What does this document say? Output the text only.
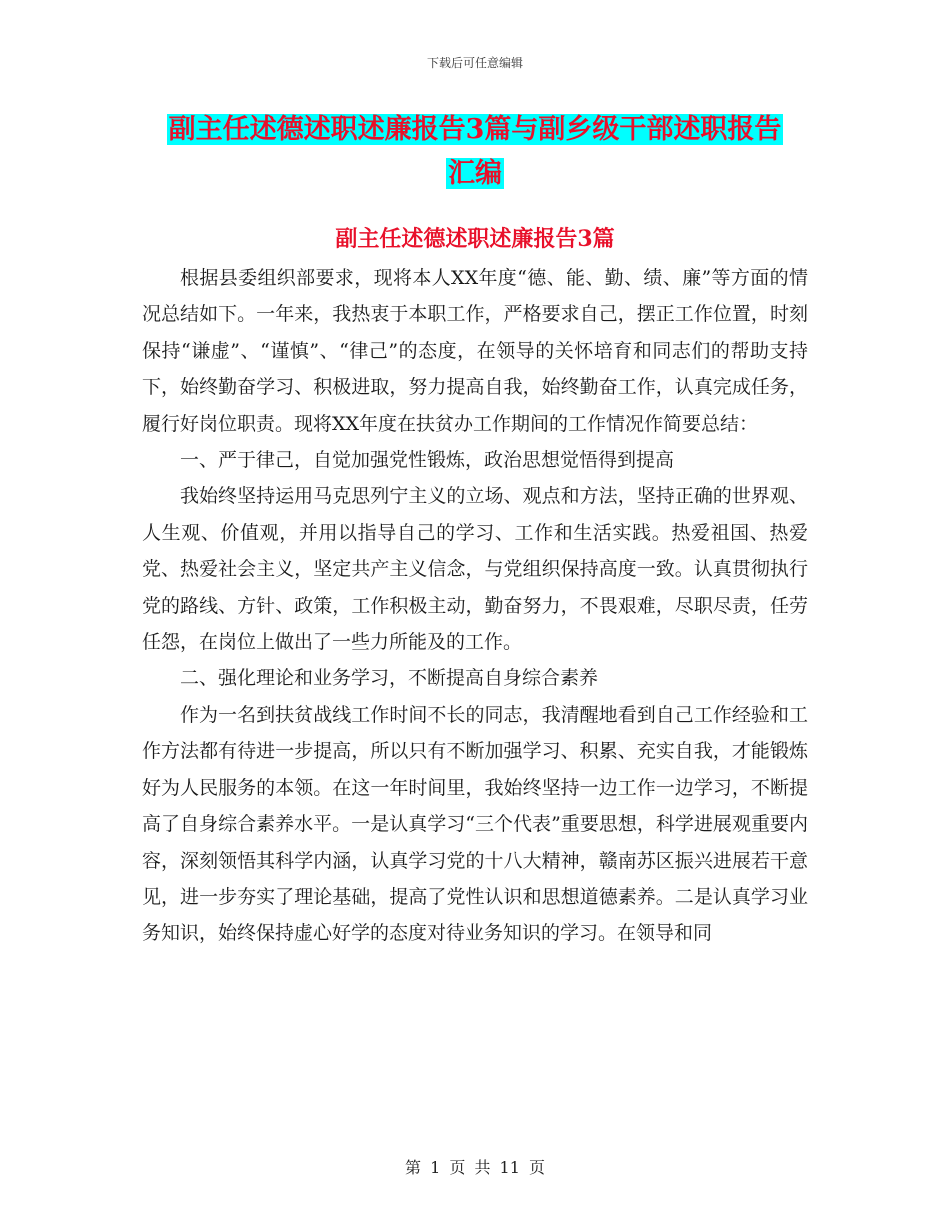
下载后可任意编辑
副主任述德述职述廉报告3篇与副乡级干部述职报告
汇编
副主任述德述职述廉报告3篇

根据县委组织部要求，现将本人XX年度“德、能、勤、绩、廉”等方面的情况总结如下。一年来，我热衷于本职工作，严格要求自己，摆正工作位置，时刻保持“谦虚”、“谨慎”、“律己”的态度，在领导的关怀培育和同志们的帮助支持下，始终勤奋学习、积极进取，努力提高自我，始终勤奋工作，认真完成任务，履行好岗位职责。现将XX年度在扶贫办工作期间的工作情况作简要总结：

一、严于律己，自觉加强党性锻炼，政治思想觉悟得到提高

我始终坚持运用马克思列宁主义的立场、观点和方法，坚持正确的世界观、人生观、价值观，并用以指导自己的学习、工作和生活实践。热爱祖国、热爱党、热爱社会主义，坚定共产主义信念，与党组织保持高度一致。认真贯彻执行党的路线、方针、政策，工作积极主动，勤奋努力，不畏艰难，尽职尽责，任劳任怨，在岗位上做出了一些力所能及的工作。

二、强化理论和业务学习，不断提高自身综合素养

作为一名到扶贫战线工作时间不长的同志，我清醒地看到自己工作经验和工作方法都有待进一步提高，所以只有不断加强学习、积累、充实自我，才能锻炼好为人民服务的本领。在这一年时间里，我始终坚持一边工作一边学习，不断提高了自身综合素养水平。一是认真学习“三个代表”重要思想，科学进展观重要内容，深刻领悟其科学内涵，认真学习党的十八大精神，赣南苏区振兴进展若干意见，进一步夯实了理论基础，提高了党性认识和思想道德素养。二是认真学习业务知识，始终保持虚心好学的态度对待业务知识的学习。在领导和同

第 1 页 共 11 页
